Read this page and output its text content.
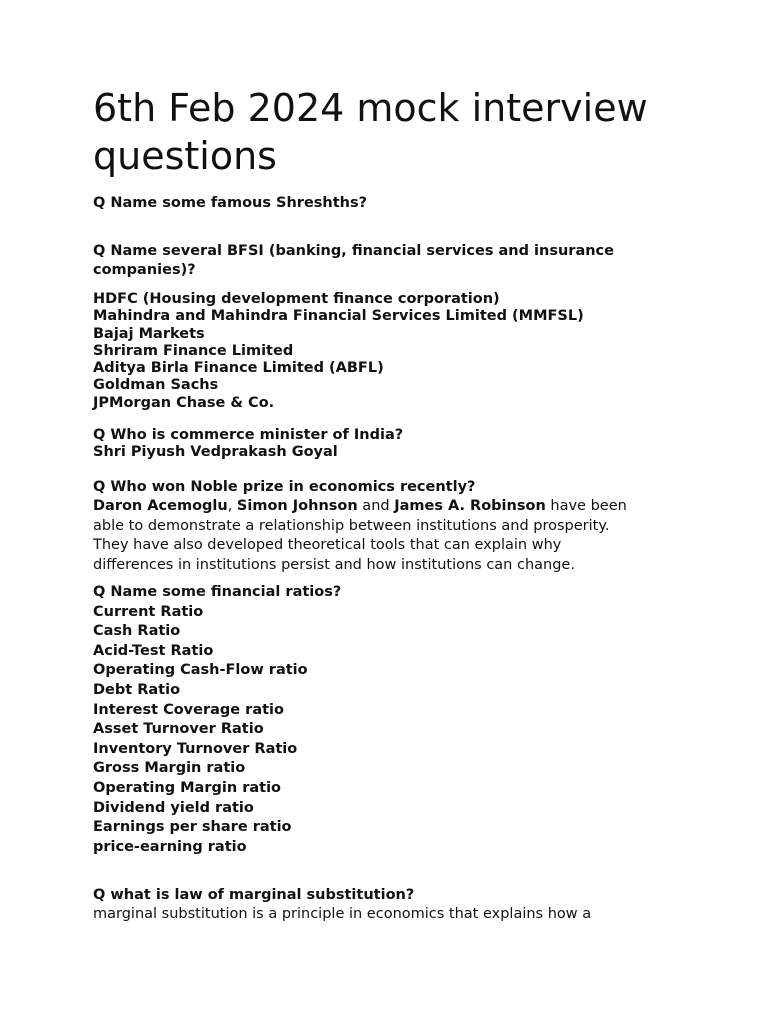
6th Feb 2024 mock interview questions
Q Name some famous Shreshths?
Q Name several BFSI (banking, financial services and insurance companies)?
HDFC (Housing development finance corporation)
Mahindra and Mahindra Financial Services Limited (MMFSL)
Bajaj Markets
Shriram Finance Limited
Aditya Birla Finance Limited (ABFL)
Goldman Sachs
JPMorgan Chase & Co.
Q Who is commerce minister of India?
Shri Piyush Vedprakash Goyal
Q Who won Noble prize in economics recently?
Daron Acemoglu, Simon Johnson and James A. Robinson have been
able to demonstrate a relationship between institutions and prosperity.
They have also developed theoretical tools that can explain why
differences in institutions persist and how institutions can change.
Q Name some financial ratios?
Current Ratio
Cash Ratio
Acid-Test Ratio
Operating Cash-Flow ratio
Debt Ratio
Interest Coverage ratio
Asset Turnover Ratio
Inventory Turnover Ratio
Gross Margin ratio
Operating Margin ratio
Dividend yield ratio
Earnings per share ratio
price-earning ratio
Q what is law of marginal substitution?
marginal substitution is a principle in economics that explains how a
